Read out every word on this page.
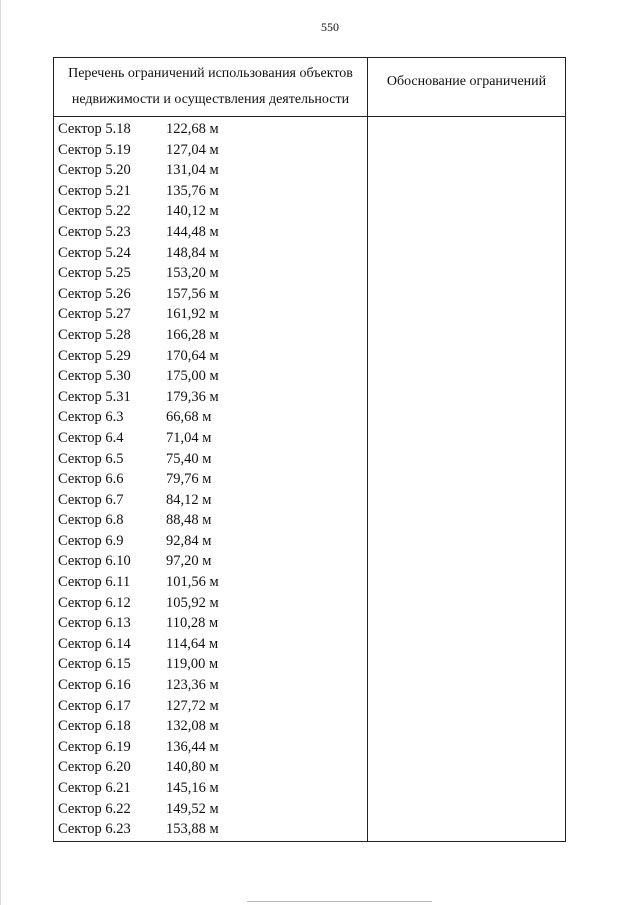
550
Перечень ограничений использования объектов
недвижимости и осуществления деятельности
Обоснование ограничений
Сектор 5.18 122,68 м
Сектор 5.19 127,04 м
Сектор 5.20 131,04 м
Сектор 5.21 135,76 м
Сектор 5.22 140,12 м
Сектор 5.23 144,48 м
Сектор 5.24 148,84 м
Сектор 5.25 153,20 м
Сектор 5.26 157,56 м
Сектор 5.27 161,92 м
Сектор 5.28 166,28 м
Сектор 5.29 170,64 м
Сектор 5.30 175,00 м
Сектор 5.31 179,36 м
Сектор 6.3	66,68 м
Сектор 6.4	71,04 м
Сектор 6.5	75,40 м
Сектор 6.6	79,76 м
Сектор 6.7	84,12 м
Сектор 6.8	88,48 м
Сектор 6.9	92,84 м
Сектор 6.10 97,20 м
Сектор 6.11 101,56 м
Сектор 6.12 105,92 м
Сектор 6.13 110,28 м
Сектор 6.14 114,64 м
Сектор 6.15 119,00 м
Сектор 6.16 123,36 м
Сектор 6.17 127,72 м
Сектор 6.18 132,08 м
Сектор 6.19 136,44 м
Сектор 6.20 140,80 м
Сектор 6.21 145,16 м
Сектор 6.22 149,52 м
Сектор 6.23 153,88 м
